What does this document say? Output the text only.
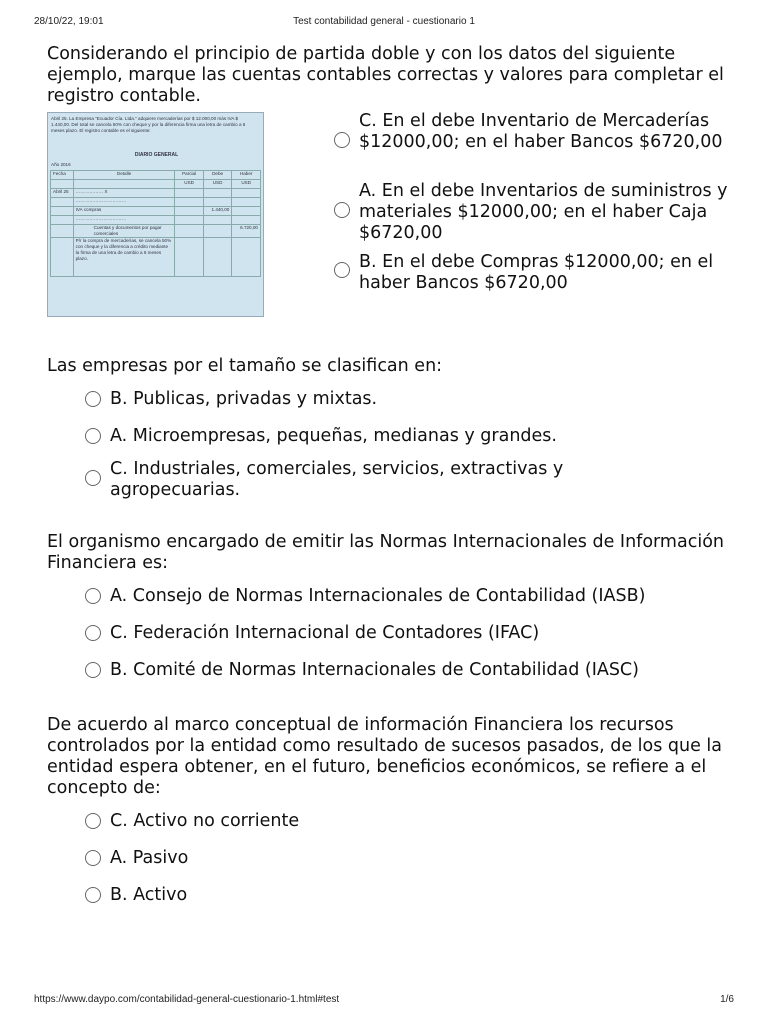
28/10/22, 19:01	Test contabilidad general - cuestionario 1
Considerando el principio de partida doble y con los datos del siguiente ejemplo, marque las cuentas contables correctas y valores para completar el registro contable.
Abril 25. La Empresa "Ecuador Cía. Ltda." adquiere mercaderías por $ 12.000,00 más IVA $ 1.440,00. Del total se cancela 50% con cheque y por la diferencia firma una letra de cambio a 6 meses plazo. El registro contable es el siguiente:
DIARIO GENERAL
Año 2016
Fecha	Detalle	Parcial	Debe	Haber
		USD	USD	USD
Abril 25	……………… X			
	……………………………			
	IVA compras		1.440,00	
	……………………………			
	Cuentas y documentos por pagar comerciales			6.720,00
	P/r la compra de mercaderías, se cancela 50% con cheque y la diferencia a crédito mediante la firma de una letra de cambio a 6 meses plazo.			
C. En el debe Inventario de Mercaderías $12000,00; en el haber Bancos $6720,00
A. En el debe Inventarios de suministros y materiales $12000,00; en el haber Caja $6720,00
B. En el debe Compras $12000,00; en el haber Bancos $6720,00
Las empresas por el tamaño se clasifican en:
B. Publicas, privadas y mixtas.
A. Microempresas, pequeñas, medianas y grandes.
C. Industriales, comerciales, servicios, extractivas y agropecuarias.
El organismo encargado de emitir las Normas Internacionales de Información Financiera es:
A. Consejo de Normas Internacionales de Contabilidad (IASB)
C. Federación Internacional de Contadores (IFAC)
B. Comité de Normas Internacionales de Contabilidad (IASC)
De acuerdo al marco conceptual de información Financiera los recursos controlados por la entidad como resultado de sucesos pasados, de los que la entidad espera obtener, en el futuro, beneficios económicos, se refiere a el concepto de:
C. Activo no corriente
A. Pasivo
B. Activo
https://www.daypo.com/contabilidad-general-cuestionario-1.html#test	1/6
